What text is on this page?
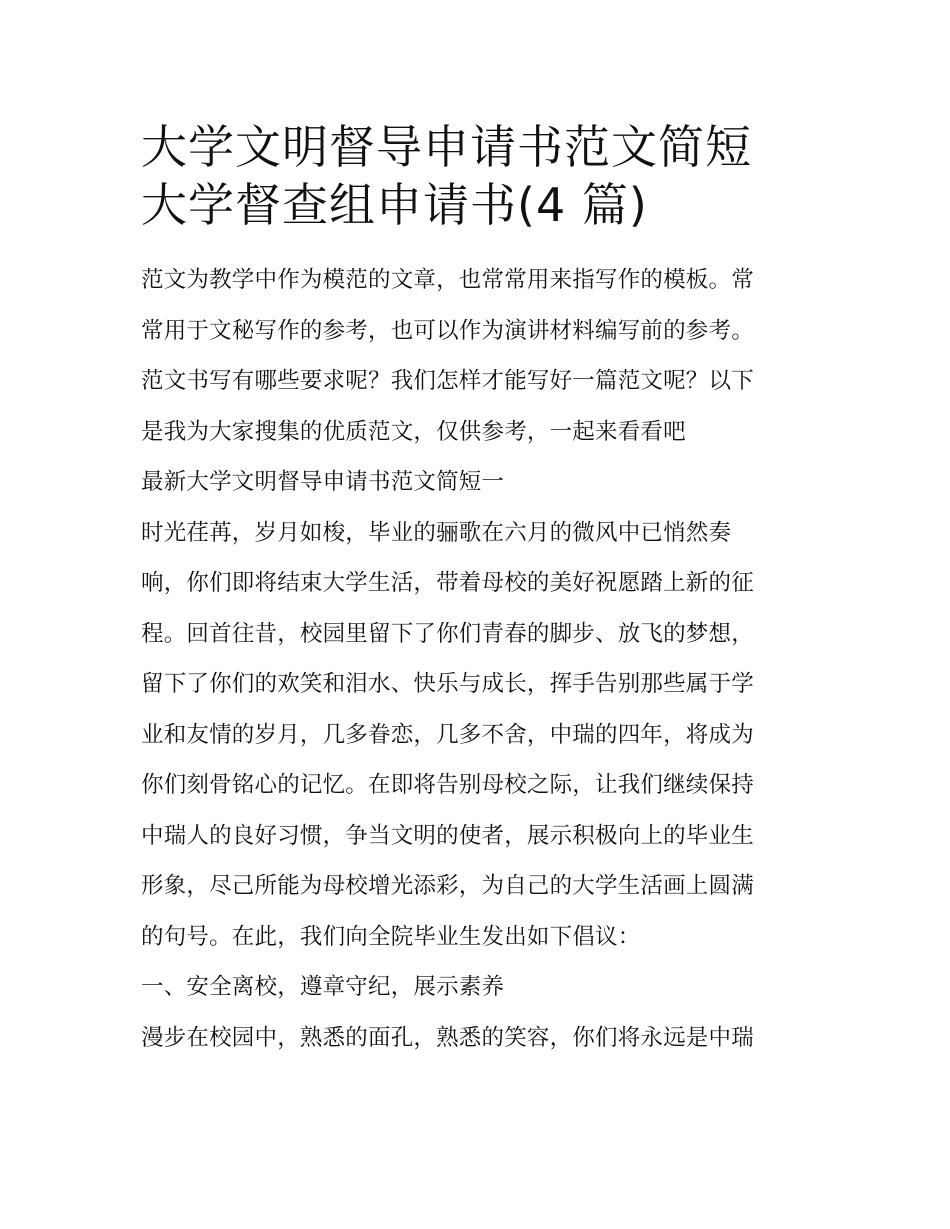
大学文明督导申请书范文简短
大学督查组申请书(4 篇)
范文为教学中作为模范的文章，也常常用来指写作的模板。常
常用于文秘写作的参考，也可以作为演讲材料编写前的参考。
范文书写有哪些要求呢？我们怎样才能写好一篇范文呢？以下
是我为大家搜集的优质范文，仅供参考，一起来看看吧
最新大学文明督导申请书范文简短一
时光荏苒，岁月如梭，毕业的骊歌在六月的微风中已悄然奏
响，你们即将结束大学生活，带着母校的美好祝愿踏上新的征
程。回首往昔，校园里留下了你们青春的脚步、放飞的梦想，
留下了你们的欢笑和泪水、快乐与成长，挥手告别那些属于学
业和友情的岁月，几多眷恋，几多不舍，中瑞的四年，将成为
你们刻骨铭心的记忆。在即将告别母校之际，让我们继续保持
中瑞人的良好习惯，争当文明的使者，展示积极向上的毕业生
形象，尽己所能为母校增光添彩，为自己的大学生活画上圆满
的句号。在此，我们向全院毕业生发出如下倡议：
一、安全离校，遵章守纪，展示素养
漫步在校园中，熟悉的面孔，熟悉的笑容，你们将永远是中瑞
